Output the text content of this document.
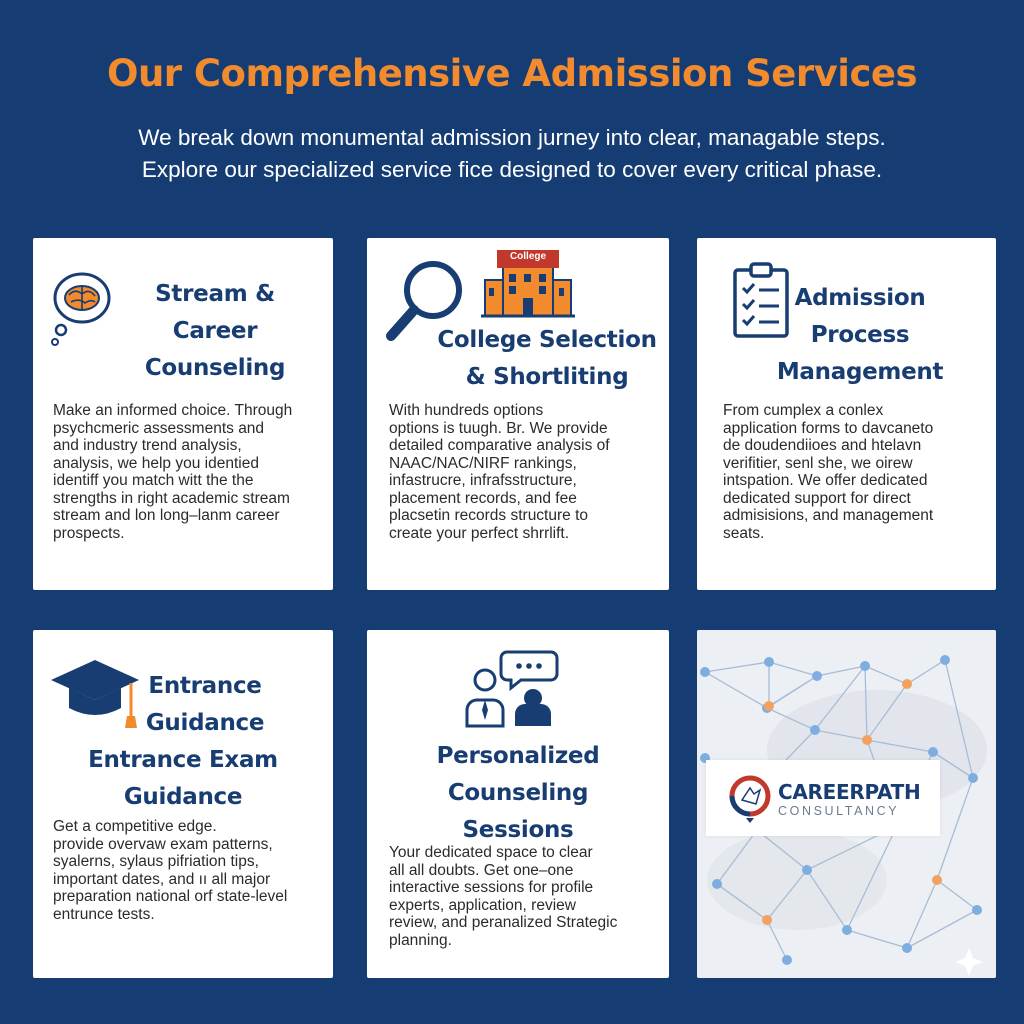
Our Comprehensive Admission Services
We break down monumental admission jurney into clear, managable steps.
Explore our specialized service fice designed to cover every critical phase.
Stream &
Career Counseling
Make an informed choice. Through
psychcmeric assessments and
and industry trend analysis,
analysis, we help you identied
identiff you match witt the the
strengths in right academic stream
stream and lon long–lanm career
prospects.
College
College Selection
& Shortliting
With hundreds options
options is tuugh. Br. We provide
detailed comparative analysis of
NAAC/NAC/NIRF rankings,
infastrucre, infrafsstructure,
placement records, and fee
placsetin records structure to
create your perfect shrrlift.
Admission
Process
Management
From cumplex a conlex
application forms to davcaneto
de doudendiioes and htelavn
verifitier, senl she, we oirew
intspation. We offer dedicated
dedicated support for direct
admisisions, and management
seats.
Entrance
Guidance
Entrance Exam Guidance
Get a competitive edge.
provide overvaw exam patterns,
syalerns, sylaus pifriation tips,
important dates, and ıı all major
preparation national orf state-level
entrunce tests.
Personalized Counseling
Sessions
Your dedicated space to clear
all all doubts. Get one–one
interactive sessions for profile
experts, application, review
review, and peranalized Strategic
planning.
CAREERPATH
CONSULTANCY
